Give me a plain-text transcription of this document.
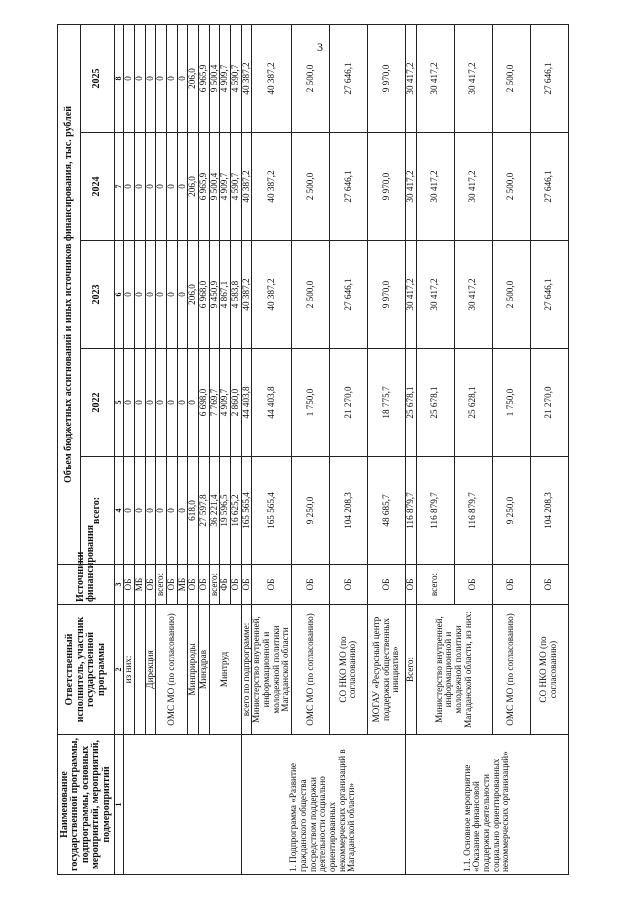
3
Наименование государственной программы, подпрограммы, основных мероприятий, мероприятий, подмероприятий	Ответственный исполнитель, участник государственной программы	Источники финансирования	Объем бюджетных ассигнований и иных источников финансирования, тыс. рублей				
			всего:	2022	2023	2024	2025
1	2	3	4	5	6	7	8
	из них:	ОБ	0	0	0	0	0
		МБ	0	0	0	0	0
	Дирекция	ОБ	0	0	0	0	0
	ОМС МО (по согласованию)	всего:	0	0	0	0	0
		ОБ	0	0	0	0	0
		МБ	0	0	0	0	0
	Минприроды	ОБ	618,0	0	206,0	206,0	206,0
	Минздрав	ОБ	27 597,8	6 698,0	6 968,0	6 965,9	6 965,9
	Минтруд	всего:	36 221,4	7 769,7	9 450,9	9 500,4	9 500,4
		ФБ	19 596,5	4 909,7	4 867,1	4 909,7	4 909,7
		ОБ	16 625,2	2 860,0	4 583,8	4 590,7	4 590,7
1. Подпрограмма «Развитие гражданского общества посредством поддержки деятельности социально ориентированных некоммерческих организаций в Магаданской области»	всего по подпрограмме:	ОБ	165 565,4	44 403,8	40 387,2	40 387,2	40 387,2
	Министерство внутренней, информационной и молодежной политики Магаданской области	ОБ	165 565,4	44 403,8	40 387,2	40 387,2	40 387,2
	ОМС МО (по согласованию)	ОБ	9 250,0	1 750,0	2 500,0	2 500,0	2 500,0
	СО НКО МО (по согласованию)	ОБ	104 208,3	21 270,0	27 646,1	27 646,1	27 646,1
	МОГАУ «Ресурсный центр поддержки общественных инициатив»	ОБ	48 685,7	18 775,7	9 970,0	9 970,0	9 970,0
1.1. Основное мероприятие «Оказание финансовой поддержки деятельности социально ориентированных некоммерческих организаций»	Всего:	ОБ	116 879,7	25 678,1	30 417,2	30 417,2	30 417,2
	Министерство внутренней, информационной и молодежной политики Магаданской области, из них:	всего:	116 879,7	25 678,1	30 417,2	30 417,2	30 417,2
		ОБ	116 879,7	25 628,1	30 417,2	30 417,2	30 417,2
	ОМС МО (по согласованию)	ОБ	9 250,0	1 750,0	2 500,0	2 500,0	2 500,0
	СО НКО МО (по согласованию)	ОБ	104 208,3	21 270,0	27 646,1	27 646,1	27 646,1
